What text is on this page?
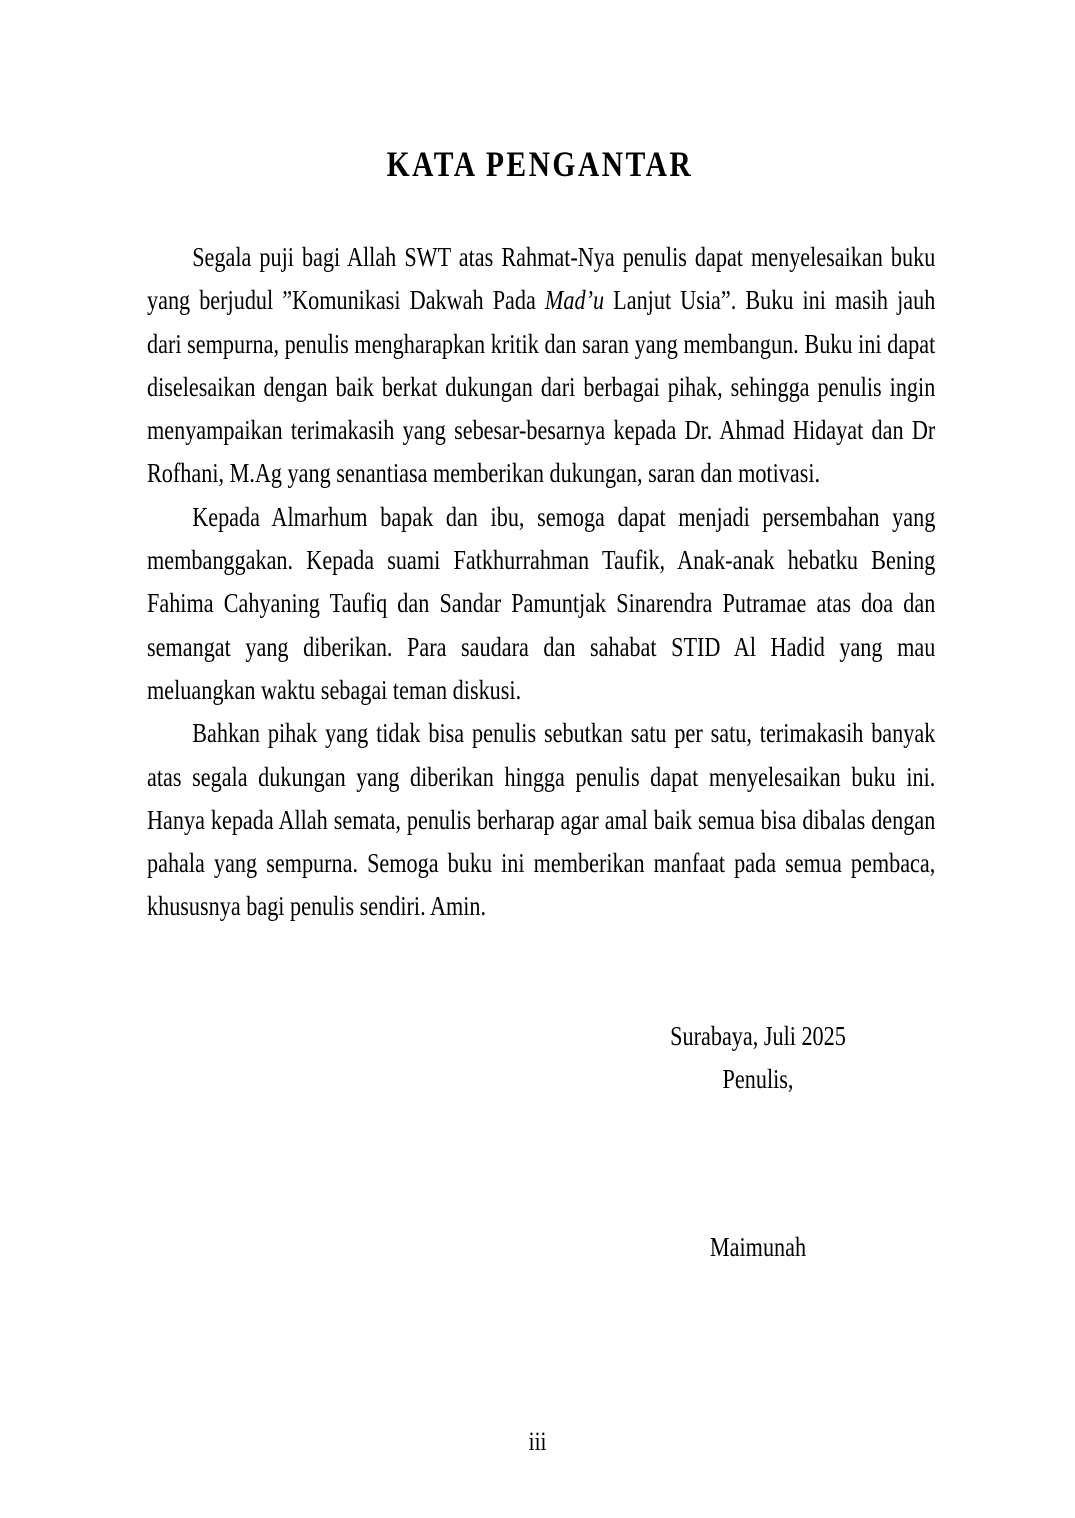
KATA PENGANTAR

Segala puji bagi Allah SWT atas Rahmat-Nya penulis dapat menyelesaikan buku yang berjudul ”Komunikasi Dakwah Pada Mad’u Lanjut Usia”. Buku ini masih jauh dari sempurna, penulis mengharapkan kritik dan saran yang membangun. Buku ini dapat diselesaikan dengan baik berkat dukungan dari berbagai pihak, sehingga penulis ingin menyampaikan terimakasih yang sebesar-besarnya kepada Dr. Ahmad Hidayat dan Dr Rofhani, M.Ag yang senantiasa memberikan dukungan, saran dan motivasi.

Kepada Almarhum bapak dan ibu, semoga dapat menjadi persembahan yang membanggakan. Kepada suami Fatkhurrahman Taufik, Anak-anak hebatku Bening Fahima Cahyaning Taufiq dan Sandar Pamuntjak Sinarendra Putramae atas doa dan semangat yang diberikan. Para saudara dan sahabat STID Al Hadid yang mau meluangkan waktu sebagai teman diskusi.

Bahkan pihak yang tidak bisa penulis sebutkan satu per satu, terimakasih banyak atas segala dukungan yang diberikan hingga penulis dapat menyelesaikan buku ini. Hanya kepada Allah semata, penulis berharap agar amal baik semua bisa dibalas dengan pahala yang sempurna. Semoga buku ini memberikan manfaat pada semua pembaca, khususnya bagi penulis sendiri. Amin.

Surabaya, Juli 2025
Penulis,
Maimunah
iii
